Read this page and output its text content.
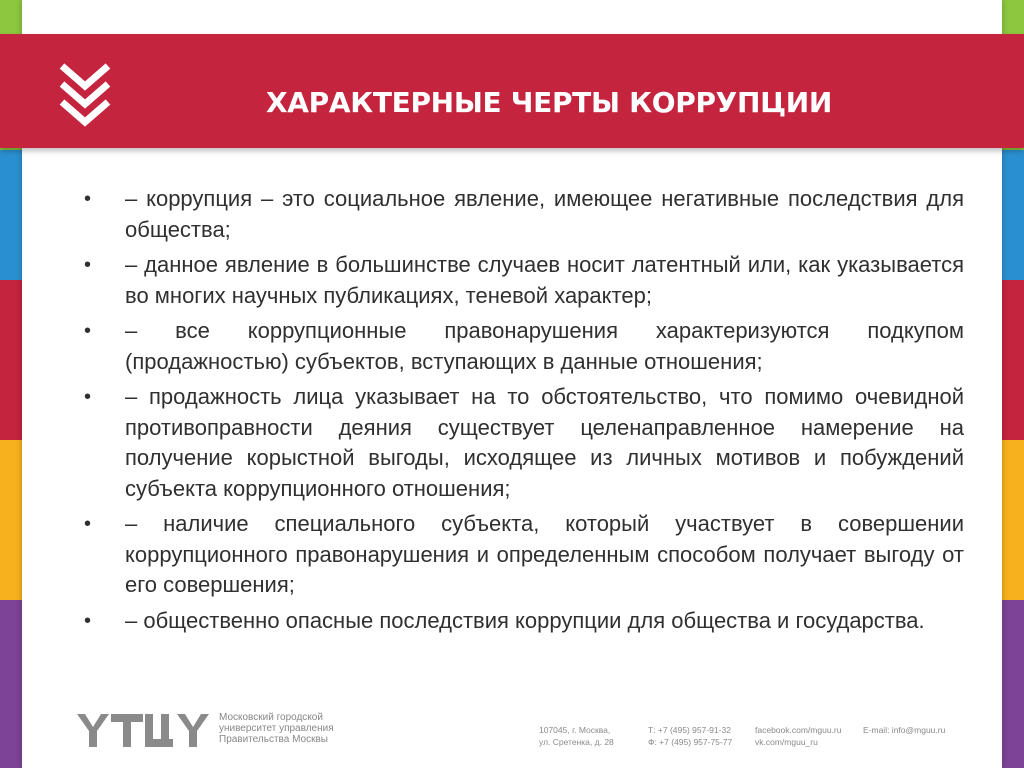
ХАРАКТЕРНЫЕ ЧЕРТЫ КОРРУПЦИИ
• – коррупция – это социальное явление, имеющее негативные последствия для общества;
• – данное явление в большинстве случаев носит латентный или, как указывается во многих научных публикациях, теневой характер;
• – все коррупционные правонарушения характеризуются подкупом (продажностью) субъектов, вступающих в данные отношения;
• – продажность лица указывает на то обстоятельство, что помимо очевидной противоправности деяния существует целенаправленное намерение на получение корыстной выгоды, исходящее из личных мотивов и побуждений субъекта коррупционного отношения;
• – наличие специального субъекта, который участвует в совершении коррупционного правонарушения и определенным способом получает выгоду от его совершения;
• – общественно опасные последствия коррупции для общества и государства.
Московский городской
университет управления
Правительства Москвы
107045, г. Москва,
ул. Сретенка, д. 28
Т: +7 (495) 957-91-32
Ф: +7 (495) 957-75-77
facebook.com/mguu.ru
vk.com/mguu_ru
E-mail: info@mguu.ru
